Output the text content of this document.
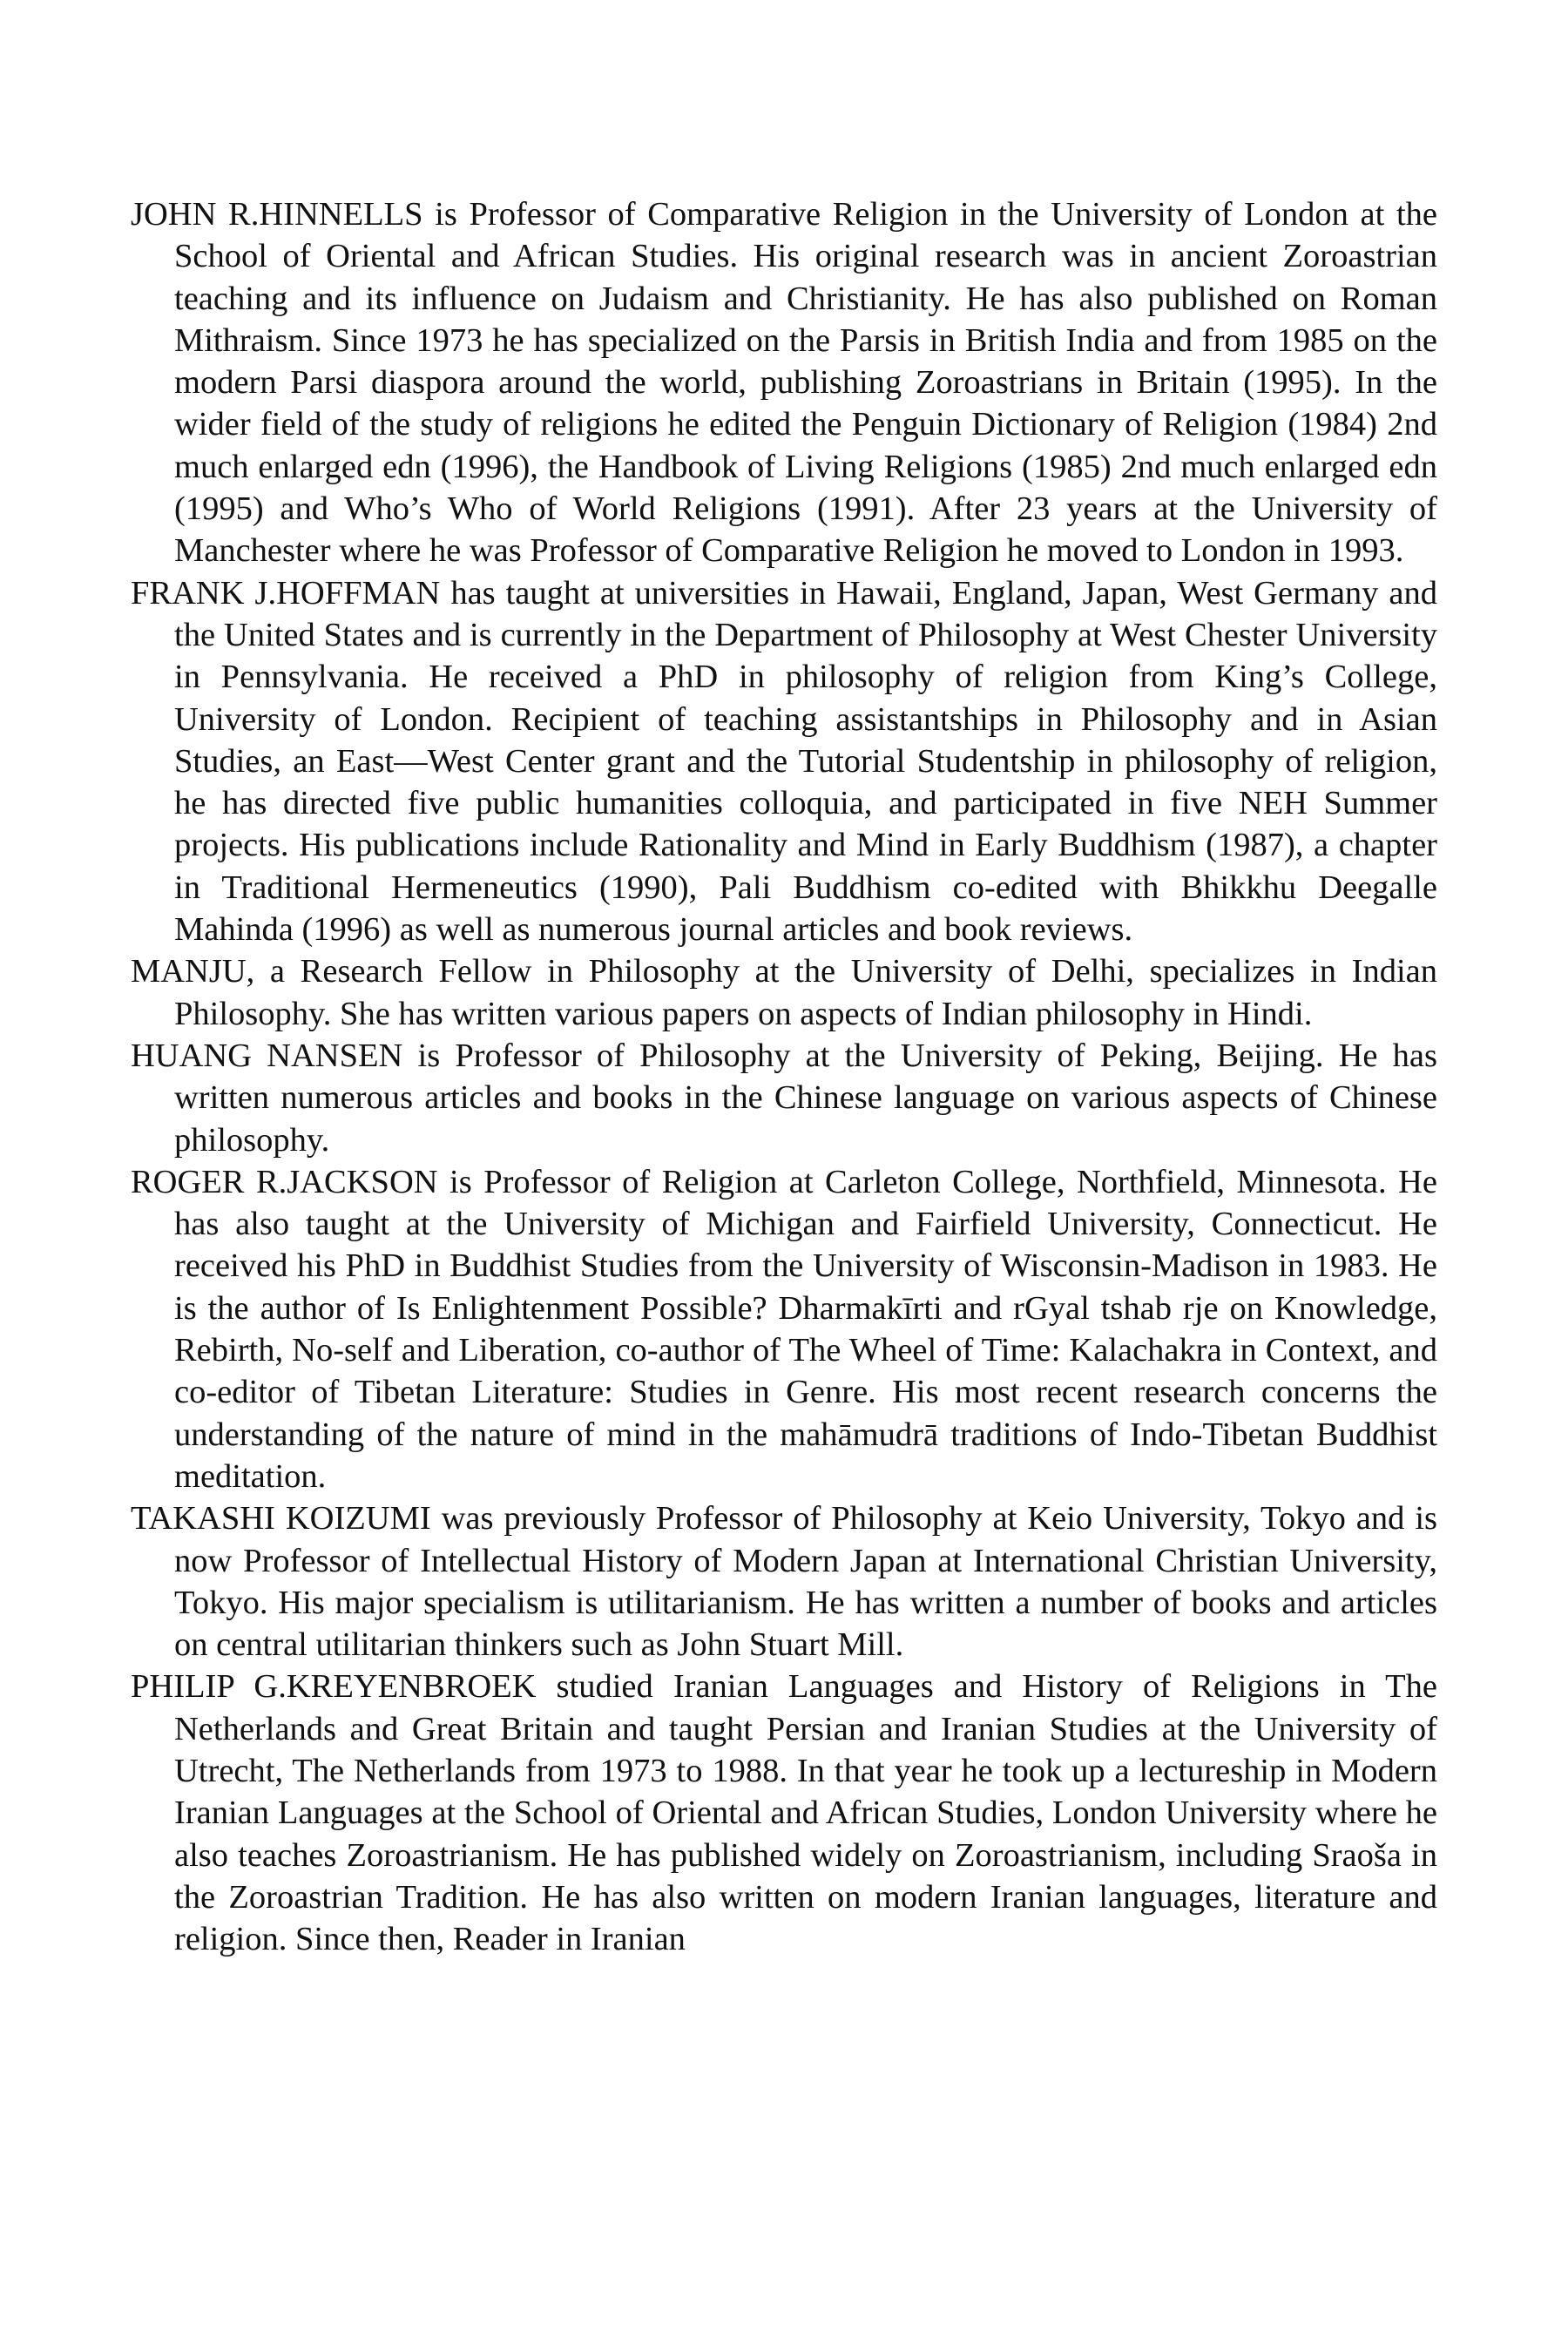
JOHN R.HINNELLS is Professor of Comparative Religion in the University of London at the School of Oriental and African Studies. His original research was in ancient Zoroastrian teaching and its influence on Judaism and Christianity. He has also published on Roman Mithraism. Since 1973 he has specialized on the Parsis in British India and from 1985 on the modern Parsi diaspora around the world, publishing Zoroastrians in Britain (1995). In the wider field of the study of religions he edited the Penguin Dictionary of Religion (1984) 2nd much enlarged edn (1996), the Handbook of Living Religions (1985) 2nd much enlarged edn (1995) and Who’s Who of World Religions (1991). After 23 years at the University of Manchester where he was Professor of Comparative Religion he moved to London in 1993.

FRANK J.HOFFMAN has taught at universities in Hawaii, England, Japan, West Germany and the United States and is currently in the Department of Philosophy at West Chester University in Pennsylvania. He received a PhD in philosophy of religion from King’s College, University of London. Recipient of teaching assistantships in Philosophy and in Asian Studies, an East—West Center grant and the Tutorial Studentship in philosophy of religion, he has directed five public humanities colloquia, and participated in five NEH Summer projects. His publications include Rationality and Mind in Early Buddhism (1987), a chapter in Traditional Hermeneutics (1990), Pali Buddhism co-edited with Bhikkhu Deegalle Mahinda (1996) as well as numerous journal articles and book reviews.

MANJU, a Research Fellow in Philosophy at the University of Delhi, specializes in Indian Philosophy. She has written various papers on aspects of Indian philosophy in Hindi.

HUANG NANSEN is Professor of Philosophy at the University of Peking, Beijing. He has written numerous articles and books in the Chinese language on various aspects of Chinese philosophy.

ROGER R.JACKSON is Professor of Religion at Carleton College, Northfield, Minnesota. He has also taught at the University of Michigan and Fairfield University, Connecticut. He received his PhD in Buddhist Studies from the University of Wisconsin-Madison in 1983. He is the author of Is Enlightenment Possible? Dharmakīrti and rGyal tshab rje on Knowledge, Rebirth, No-self and Liberation, co-author of The Wheel of Time: Kalachakra in Context, and co-editor of Tibetan Literature: Studies in Genre. His most recent research concerns the understanding of the nature of mind in the mahāmudrā traditions of Indo-Tibetan Buddhist meditation.

TAKASHI KOIZUMI was previously Professor of Philosophy at Keio University, Tokyo and is now Professor of Intellectual History of Modern Japan at International Christian University, Tokyo. His major specialism is utilitarianism. He has written a number of books and articles on central utilitarian thinkers such as John Stuart Mill.

PHILIP G.KREYENBROEK studied Iranian Languages and History of Religions in The Netherlands and Great Britain and taught Persian and Iranian Studies at the University of Utrecht, The Netherlands from 1973 to 1988. In that year he took up a lectureship in Modern Iranian Languages at the School of Oriental and African Studies, London University where he also teaches Zoroastrianism. He has published widely on Zoroastrianism, including Sraoša in the Zoroastrian Tradition. He has also written on modern Iranian languages, literature and religion. Since then, Reader in Iranian
